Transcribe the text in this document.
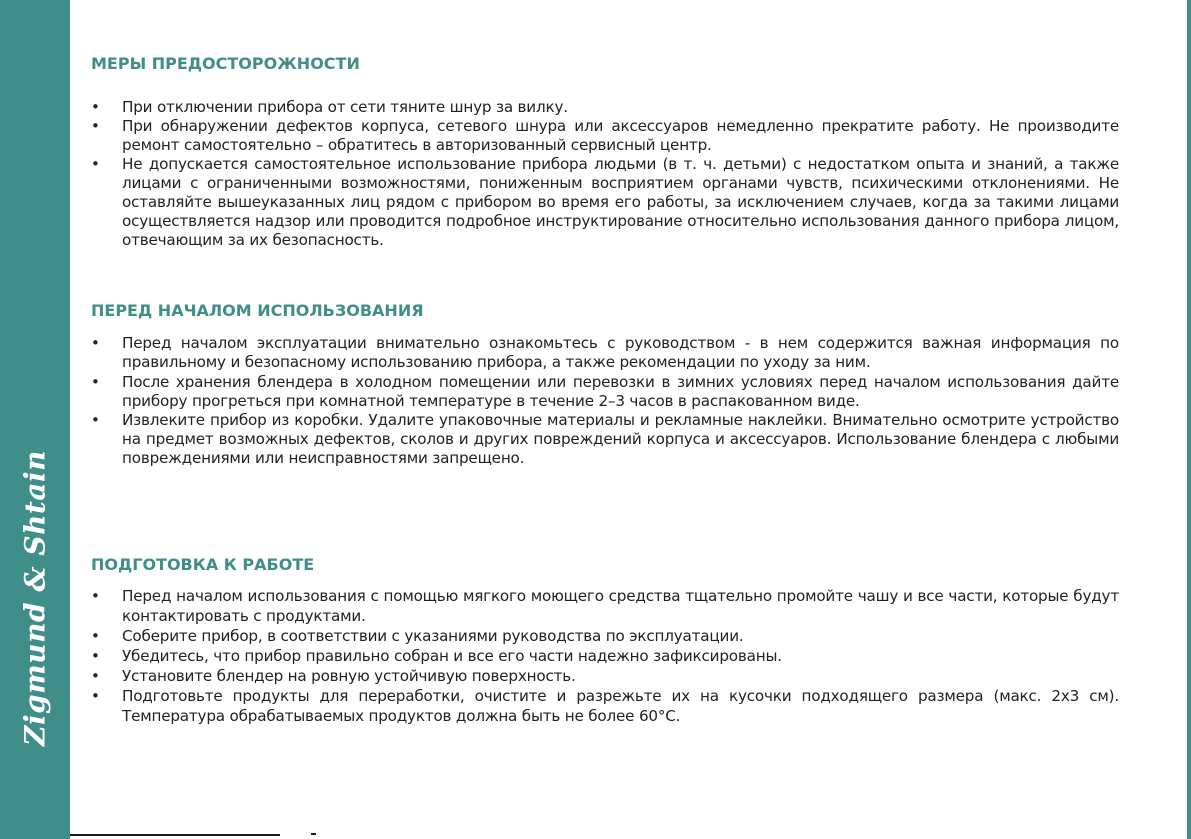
Zigmund & Shtain
МЕРЫ ПРЕДОСТОРОЖНОСТИ
• При отключении прибора от сети тяните шнур за вилку.
• При обнаружении дефектов корпуса, сетевого шнура или аксессуаров немедленно прекратите работу. Не производите ремонт самостоятельно – обратитесь в авторизованный сервисный центр.
• Не допускается самостоятельное использование прибора людьми (в т. ч. детьми) с недостатком опыта и знаний, а также лицами с ограниченными возможностями, пониженным восприятием органами чувств, психическими отклонениями. Не оставляйте вышеуказанных лиц рядом с прибором во время его работы, за исключением случаев, когда за такими лицами осуществляется надзор или проводится подробное инструктирование относительно использования данного прибора лицом, отвечающим за их безопасность.
ПЕРЕД НАЧАЛОМ ИСПОЛЬЗОВАНИЯ
• Перед началом эксплуатации внимательно ознакомьтесь с руководством - в нем содержится важная информация по правильному и безопасному использованию прибора, а также рекомендации по уходу за ним.
• После хранения блендера в холодном помещении или перевозки в зимних условиях перед началом использования дайте прибору прогреться при комнатной температуре в течение 2–3 часов в распакованном виде.
• Извлеките прибор из коробки. Удалите упаковочные материалы и рекламные наклейки. Внимательно осмотрите устройство на предмет возможных дефектов, сколов и других повреждений корпуса и аксессуаров. Использование блендера с любыми повреждениями или неисправностями запрещено.
ПОДГОТОВКА К РАБОТЕ
• Перед началом использования с помощью мягкого моющего средства тщательно промойте чашу и все части, которые будут контактировать с продуктами.
• Соберите прибор, в соответствии с указаниями руководства по эксплуатации.
• Убедитесь, что прибор правильно собран и все его части надежно зафиксированы.
• Установите блендер на ровную устойчивую поверхность.
• Подготовьте продукты для переработки, очистите и разрежьте их на кусочки подходящего размера (макс. 2х3 см). Температура обрабатываемых продуктов должна быть не более 60°C.
